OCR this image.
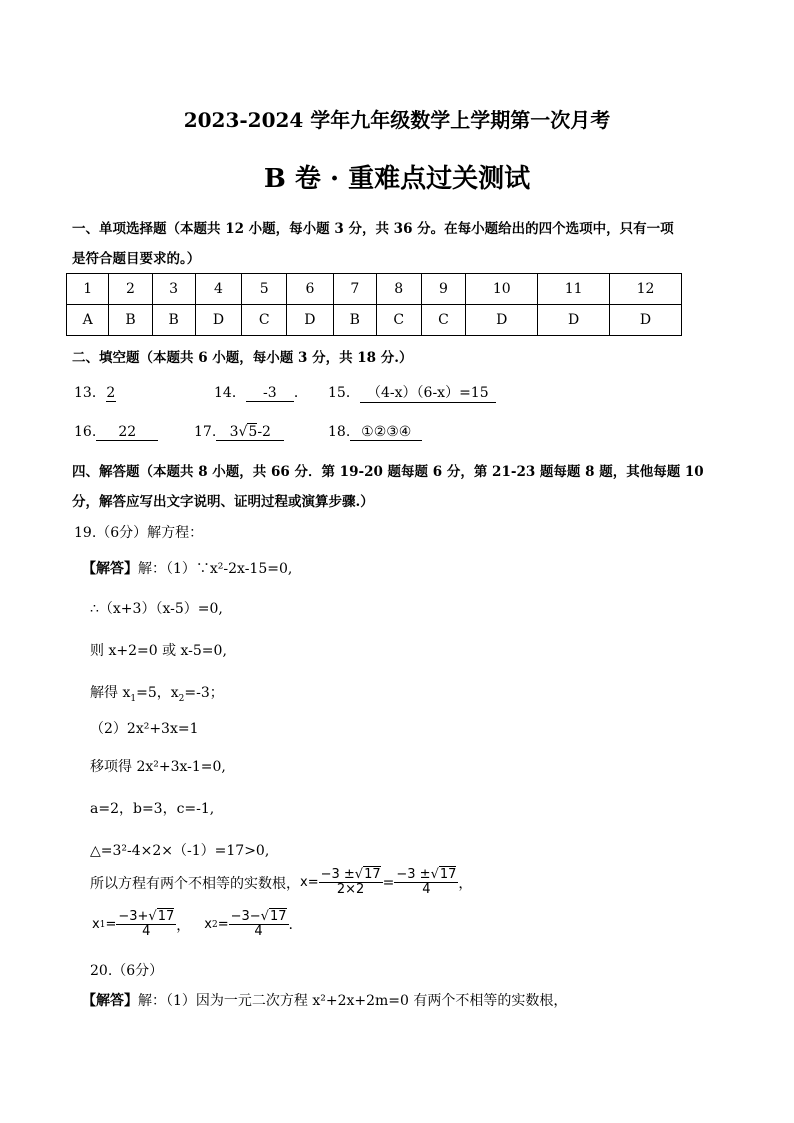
2023-2024 学年九年级数学上学期第一次月考
B 卷 · 重难点过关测试
一、单项选择题（本题共 12 小题，每小题 3 分，共 36 分。在每小题给出的四个选项中，只有一项
是符合题目要求的。）
1	2	3	4	5	6	7	8	9	10	11	12
A	B	B	D	C	D	B	C	C	D	D	D
二、填空题（本题共 6 小题，每小题 3 分，共 18 分.）
13．2	14． -3 ． 15． （4-x）（6-x）=15
16. 22	17. 3√5-2	18. ①②③④
四、解答题（本题共 8 小题，共 66 分．第 19-20 题每题 6 分，第 21-23 题每题 8 题，其他每题 10
分，解答应写出文字说明、证明过程或演算步骤.）
19.（6分）解方程：
【解答】解：（1）∵x²-2x-15=0,
∴（x+3）（x-5）=0,
则 x+2=0 或 x-5=0,
解得 $x_1=5$，$x_2=-3$；
（2）2x²+3x=1
移项得 2x²+3x-1=0,
a=2，b=3，c=-1,
△=3²-4×2×（-1）=17>0,
所以方程有两个不相等的实数根， $x= \frac{-3 \pm√17}{2\times 2} = \frac{-3 \pm√17}{4}$ ，
x $1 = \frac{-3+√17}{4}$ ， x $2 = \frac{-3-√17}{4}$ .
20.（6分）
【解答】解：（1）因为一元二次方程 x²+2x+2m=0 有两个不相等的实数根，
